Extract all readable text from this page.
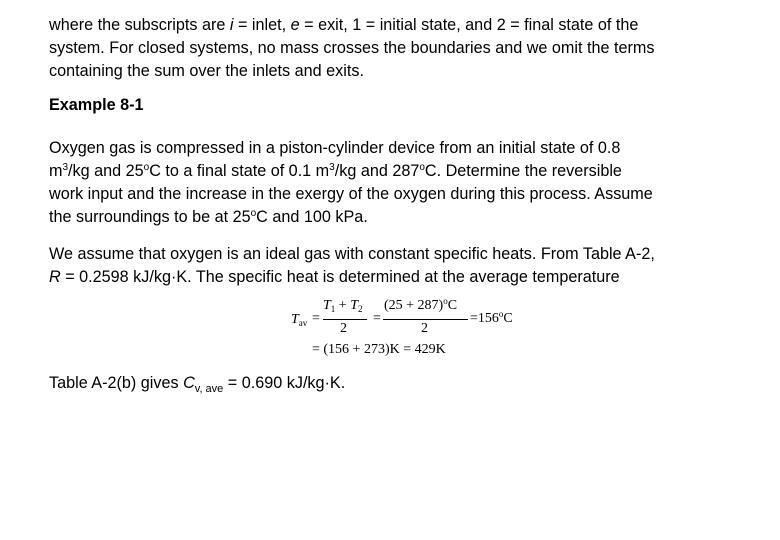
where the subscripts are i = inlet, e = exit, 1 = initial state, and 2 = final state of the
system. For closed systems, no mass crosses the boundaries and we omit the terms
containing the sum over the inlets and exits.

Example 8-1

Oxygen gas is compressed in a piston-cylinder device from an initial state of 0.8
$m^3/kg$ and 25$^o$C to a final state of 0.1 $m^3/kg$ and 287$^o$C. Determine the reversible
work input and the increase in the exergy of the oxygen during this process. Assume
the surroundings to be at 25$^o$C and 100 kPa.

We assume that oxygen is an ideal gas with constant specific heats. From Table A-2,
R = 0.2598 kJ/kg·K. The specific heat is determined at the average temperature

$T_{av}$ =
$T_1 + T_2$
2
=
$(25 + 287)^oC$
2
$=156^oC$
= (156 + 273)K = 429K

Table A-2(b) gives $C_{v, ave} = 0.690$ kJ/kg·K.
